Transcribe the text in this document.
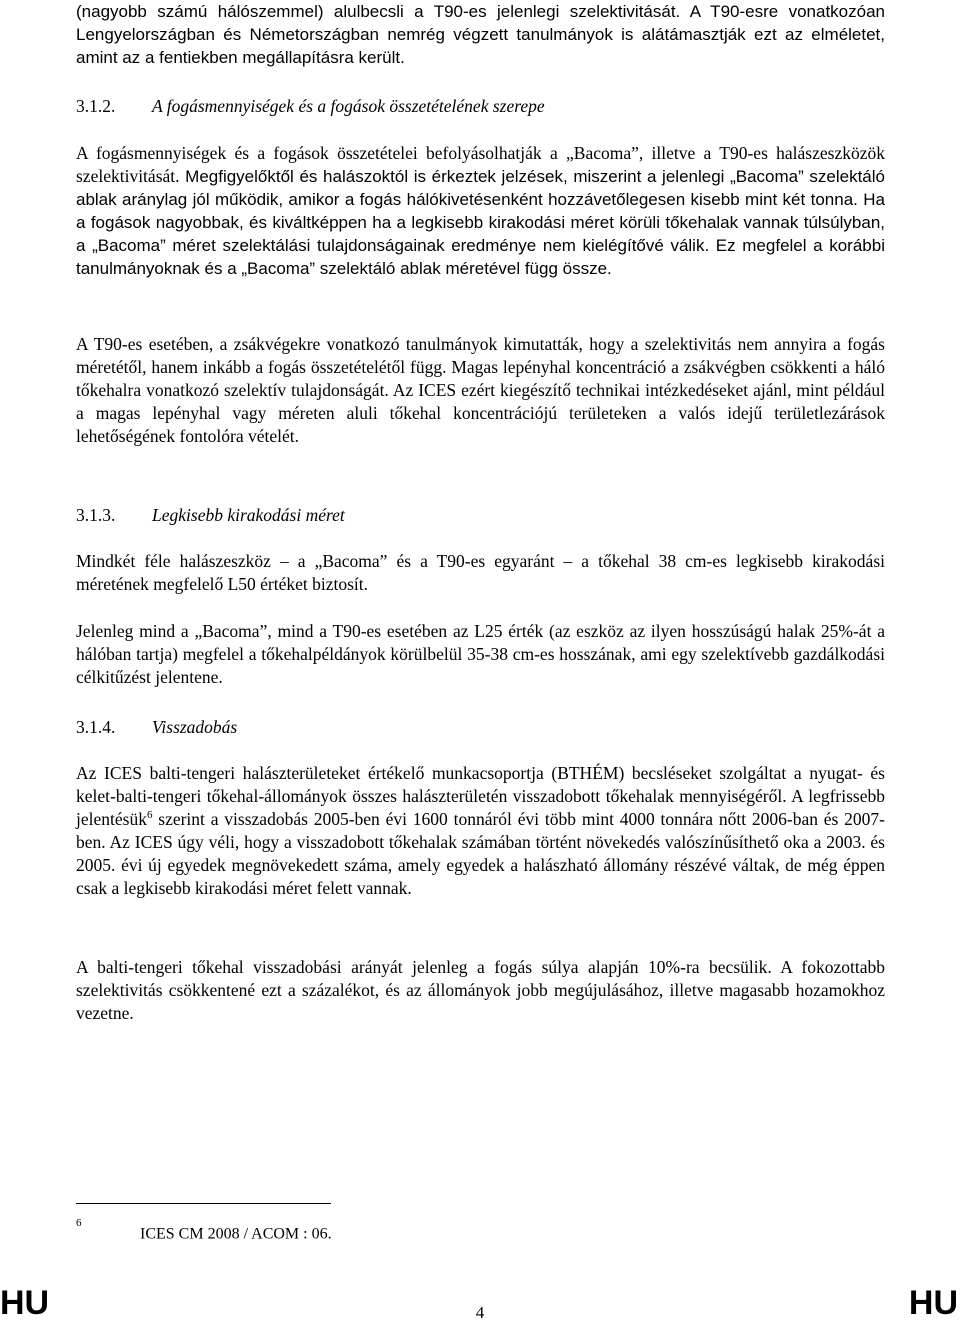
(nagyobb számú hálószemmel) alulbecsli a T90-es jelenlegi szelektivitását. A T90-esre vonatkozóan Lengyelországban és Németországban nemrég végzett tanulmányok is alátámasztják ezt az elméletet, amint az a fentiekben megállapításra került.

3.1.2. A fogásmennyiségek és a fogások összetételének szerepe

A fogásmennyiségek és a fogások összetételei befolyásolhatják a „Bacoma”, illetve a T90-es halászeszközök szelektivitását. Megfigyelőktől és halászoktól is érkeztek jelzések, miszerint a jelenlegi „Bacoma” szelektáló ablak aránylag jól működik, amikor a fogás hálókivetésenként hozzávetőlegesen kisebb mint két tonna. Ha a fogások nagyobbak, és kiváltképpen ha a legkisebb kirakodási méret körüli tőkehalak vannak túlsúlyban, a „Bacoma” méret szelektálási tulajdonságainak eredménye nem kielégítővé válik. Ez megfelel a korábbi tanulmányoknak és a „Bacoma” szelektáló ablak méretével függ össze.

A T90-es esetében, a zsákvégekre vonatkozó tanulmányok kimutatták, hogy a szelektivitás nem annyira a fogás méretétől, hanem inkább a fogás összetételétől függ. Magas lepényhal koncentráció a zsákvégben csökkenti a háló tőkehalra vonatkozó szelektív tulajdonságát. Az ICES ezért kiegészítő technikai intézkedéseket ajánl, mint például a magas lepényhal vagy méreten aluli tőkehal koncentrációjú területeken a valós idejű területlezárások lehetőségének fontolóra vételét.

3.1.3. Legkisebb kirakodási méret

Mindkét féle halászeszköz – a „Bacoma” és a T90-es egyaránt – a tőkehal 38 cm-es legkisebb kirakodási méretének megfelelő L50 értéket biztosít.

Jelenleg mind a „Bacoma”, mind a T90-es esetében az L25 érték (az eszköz az ilyen hosszúságú halak 25%-át a hálóban tartja) megfelel a tőkehalpéldányok körülbelül 35-38 cm-es hosszának, ami egy szelektívebb gazdálkodási célkitűzést jelentene.

3.1.4. Visszadobás

Az ICES balti-tengeri halászterületeket értékelő munkacsoportja (BTHÉM) becsléseket szolgáltat a nyugat- és kelet-balti-tengeri tőkehal-állományok összes halászterületén visszadobott tőkehalak mennyiségéről. A legfrissebb jelentésük$^6$ szerint a visszadobás 2005-ben évi 1600 tonnáról évi több mint 4000 tonnára nőtt 2006-ban és 2007-ben. Az ICES úgy véli, hogy a visszadobott tőkehalak számában történt növekedés valószínűsíthető oka a 2003. és 2005. évi új egyedek megnövekedett száma, amely egyedek a halászható állomány részévé váltak, de még éppen csak a legkisebb kirakodási méret felett vannak.

A balti-tengeri tőkehal visszadobási arányát jelenleg a fogás súlya alapján 10%-ra becsülik. A fokozottabb szelektivitás csökkentené ezt a százalékot, és az állományok jobb megújulásához, illetve magasabb hozamokhoz vezetne.

$^6$ICES CM 2008 / ACOM : 06.
HU	4	HU
